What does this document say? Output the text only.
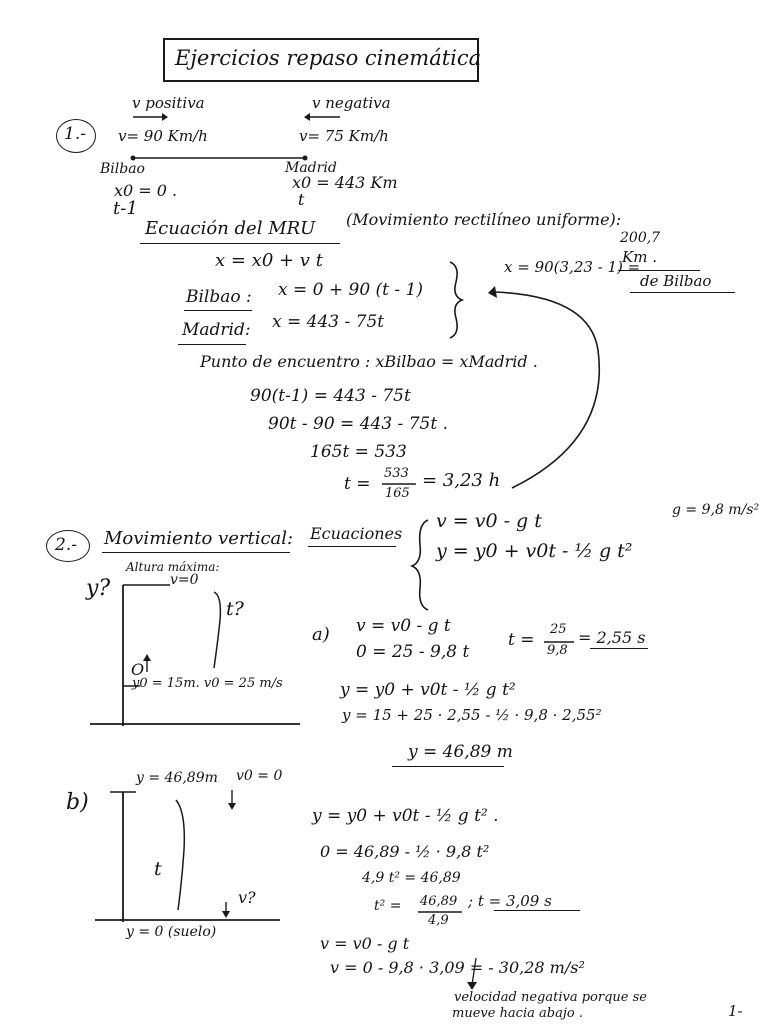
Ejercicios repaso cinemática
1.-
v positiva	v negativa
v= 90 Km/h	v= 75 Km/h
Bilbao	Madrid
x0 = 0 .
t-1
x0 = 443 Km
t
Ecuación del MRU (Movimiento rectilíneo uniforme):
x = x0 + v t
Bilbao : x = 0 + 90 (t - 1)
Madrid: x = 443 - 75t
x = 90(3,23 - 1) =
200,7
Km .
de Bilbao
Punto de encuentro : xBilbao = xMadrid .
90(t-1) = 443 - 75t
90t - 90 = 443 - 75t .
165t = 533
t =
533
165
= 3,23 h
2.- Movimiento vertical: Ecuaciones
v = v0 - g t
y = y0 + v0t - ½ g t²
g = 9,8 m/s²
y?
Altura máxima:
v=0
t?
O
y0 = 15m. v0 = 25 m/s
a) v = v0 - g t
0 = 25 - 9,8 t
t =
25
9,8
= 2,55 s
y = y0 + v0t - ½ g t²
y = 15 + 25 · 2,55 - ½ · 9,8 · 2,55²
y = 46,89 m
b)
y = 46,89m v0 = 0
t
v?
y = 0 (suelo)
y = y0 + v0t - ½ g t² .
0 = 46,89 - ½ · 9,8 t²
4,9 t² = 46,89
t² = 46,89
4,9
; t = 3,09 s
v = v0 - g t
v = 0 - 9,8 · 3,09 = - 30,28 m/s²
velocidad negativa porque se
mueve hacia abajo .	1-
